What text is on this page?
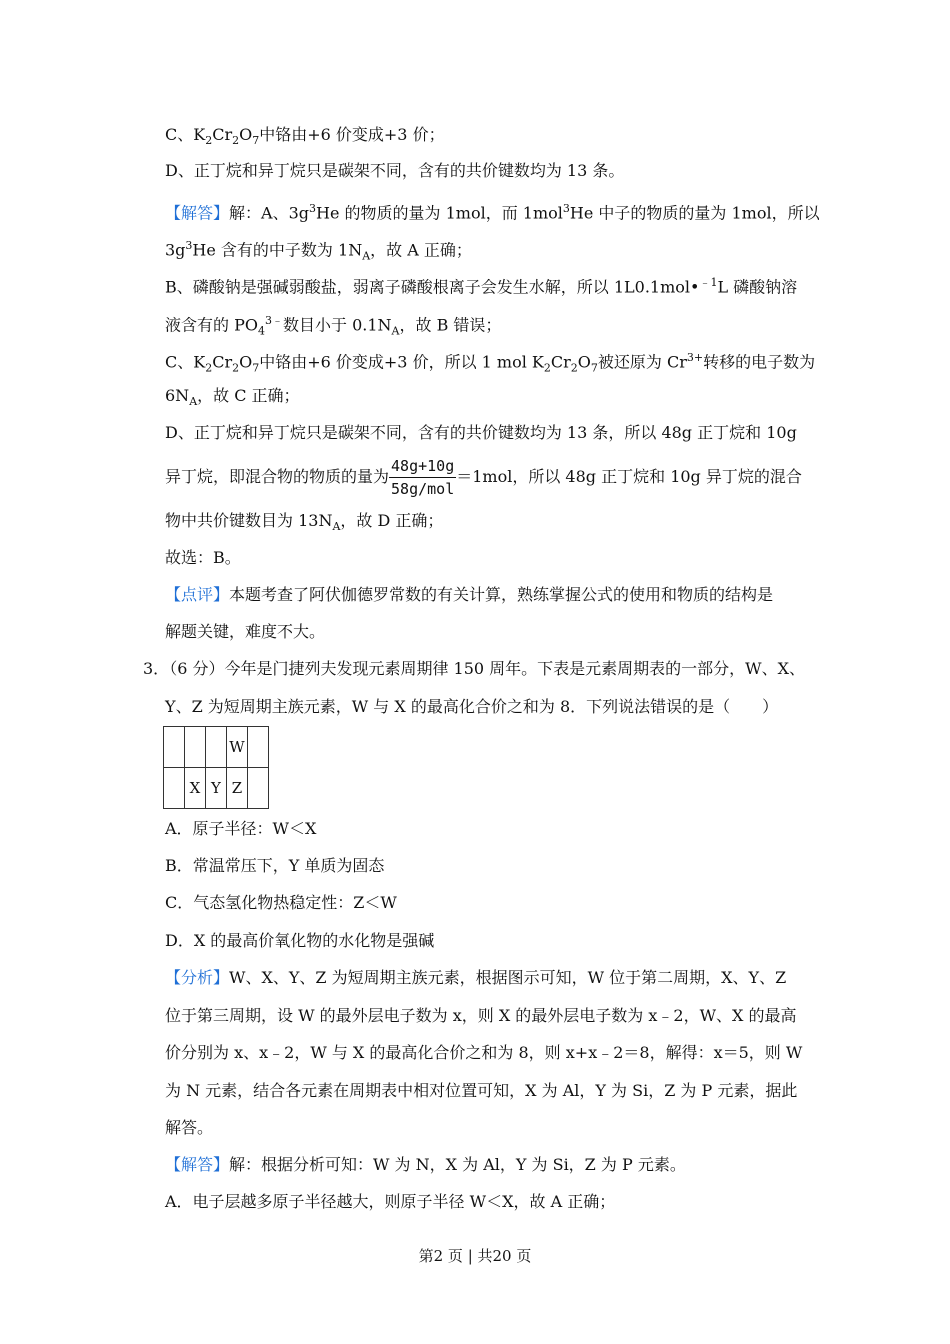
C、$K_2Cr_2O_7$中铬由+6 价变成+3 价；
D、正丁烷和异丁烷只是碳架不同，含有的共价键数均为 13 条。
【解答】解：A、$3g^3He$ 的物质的量为 1mol，而 1mol$^3$He 中子的物质的量为 1mol，所以
$3g^3He$ 含有的中子数为 $1N_A$，故 A 正确；
B、磷酸钠是强碱弱酸盐，弱离子磷酸根离子会发生水解，所以 1L0.1mol•$^{﹣1}$L 磷酸钠溶
液含有的 $PO_4^{3﹣}$数目小于 $0.1N_A$，故 B 错误；
C、$K_2Cr_2O_7$中铬由+6 价变成+3 价，所以 1 mol $K_2Cr_2O_7$被还原为 $Cr^{3+}$转移的电子数为
$6N_A$，故 C 正确；
D、正丁烷和异丁烷只是碳架不同，含有的共价键数均为 13 条，所以 48g 正丁烷和 10g
异丁烷，即混合物的物质的量为 $\frac{48g+10g}{\text{58g/mol}} =1mol$，所以 48g 正丁烷和 10g 异丁烷的混合
物中共价键数目为 $13N_A$，故 D 正确；
故选：B。
【点评】本题考查了阿伏伽德罗常数的有关计算，熟练掌握公式的使用和物质的结构是
解题关键，难度不大。
3．（6 分）今年是门捷列夫发现元素周期律 150 周年。下表是元素周期表的一部分，W、X、
Y、Z 为短周期主族元素，W 与 X 的最高化合价之和为 8．下列说法错误的是（　　）
			W	
	X	Y	Z	
A．原子半径：W＜X
B．常温常压下，Y 单质为固态
C．气态氢化物热稳定性：Z＜W
D．X 的最高价氧化物的水化物是强碱
【分析】W、X、Y、Z 为短周期主族元素，根据图示可知，W 位于第二周期，X、Y、Z
位于第三周期，设 W 的最外层电子数为 x，则 X 的最外层电子数为 x﹣2，W、X 的最高
价分别为 x、x﹣2，W 与 X 的最高化合价之和为 8，则 x+x﹣2＝8，解得：x＝5，则 W
为 N 元素，结合各元素在周期表中相对位置可知，X 为 Al，Y 为 Si，Z 为 P 元素，据此
解答。
【解答】解：根据分析可知：W 为 N，X 为 Al，Y 为 Si，Z 为 P 元素。
A．电子层越多原子半径越大，则原子半径 W＜X，故 A 正确；
第2 页 | 共20 页
